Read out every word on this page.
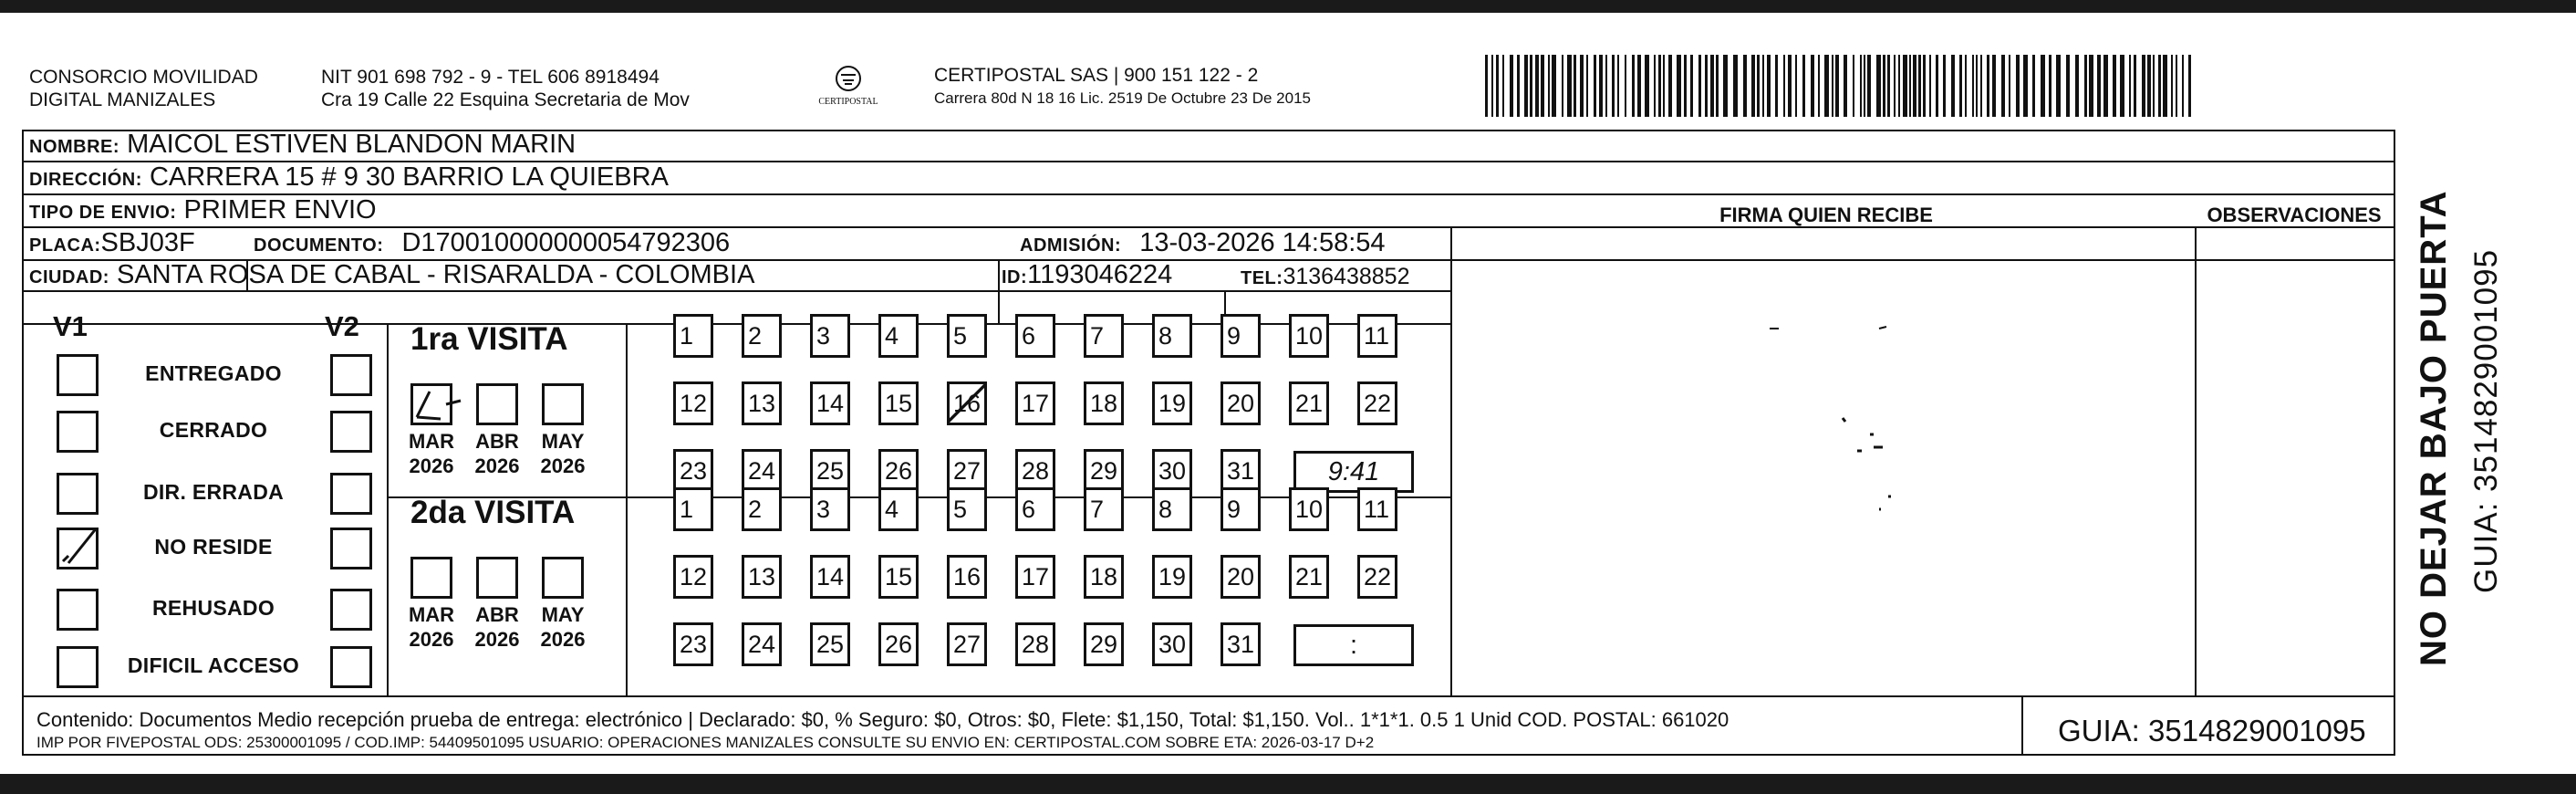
CONSORCIO MOVILIDAD
DIGITAL MANIZALES
NIT 901 698 792 - 9 - TEL 606 8918494
Cra 19 Calle 22 Esquina Secretaria de Mov	CERTIPOSTAL
CERTIPOSTAL SAS | 900 151 122 - 2
Carrera 80d N 18 16 Lic. 2519 De Octubre 23 De 2015
NOMBRE: MAICOL ESTIVEN BLANDON MARIN
DIRECCIÓN: CARRERA 15 # 9 30 BARRIO LA QUIEBRA
TIPO DE ENVIO: PRIMER ENVIO	FIRMA QUIEN RECIBE	OBSERVACIONES
PLACA:SBJ03F	DOCUMENTO: D170010000000054792306	ADMISIÓN: 13-03-2026 14:58:54
CIUDAD: SANTA ROSA DE CABAL - RISARALDA - COLOMBIA	ID:1193046224	TEL:3136438852
V1	V2
ENTREGADO
CERRADO
DIR. ERRADA
NO RESIDE
REHUSADO
DIFICIL ACCESO
1ra VISITA
MAR
2026
ABR
2026
MAY
2026
1	2	3	4	5	6	7	8	9	10 11
12 13 14 15 16 17 18 19 20 21 22
23 24 25 26 27 28 29 30 31	9:41
2da VISITA
MAR
2026
ABR
2026
MAY
2026
1	2	3	4	5	6	7	8	9	10 11
12 13 14 15 16 17 18 19 20 21 22
23 24 25 26 27 28 29 30 31	:	NO DEJAR BAJO PUERTA GUIA: 3514829001095
Contenido: Documentos Medio recepción prueba de entrega: electrónico | Declarado: $0, % Seguro: $0, Otros: $0, Flete: $1,150, Total: $1,150. Vol.. 1*1*1. 0.5 1 Unid COD. POSTAL: 661020
IMP POR FIVEPOSTAL ODS: 25300001095 / COD.IMP: 54409501095 USUARIO: OPERACIONES MANIZALES CONSULTE SU ENVIO EN: CERTIPOSTAL.COM SOBRE ETA: 2026-03-17 D+2	GUIA: 3514829001095
